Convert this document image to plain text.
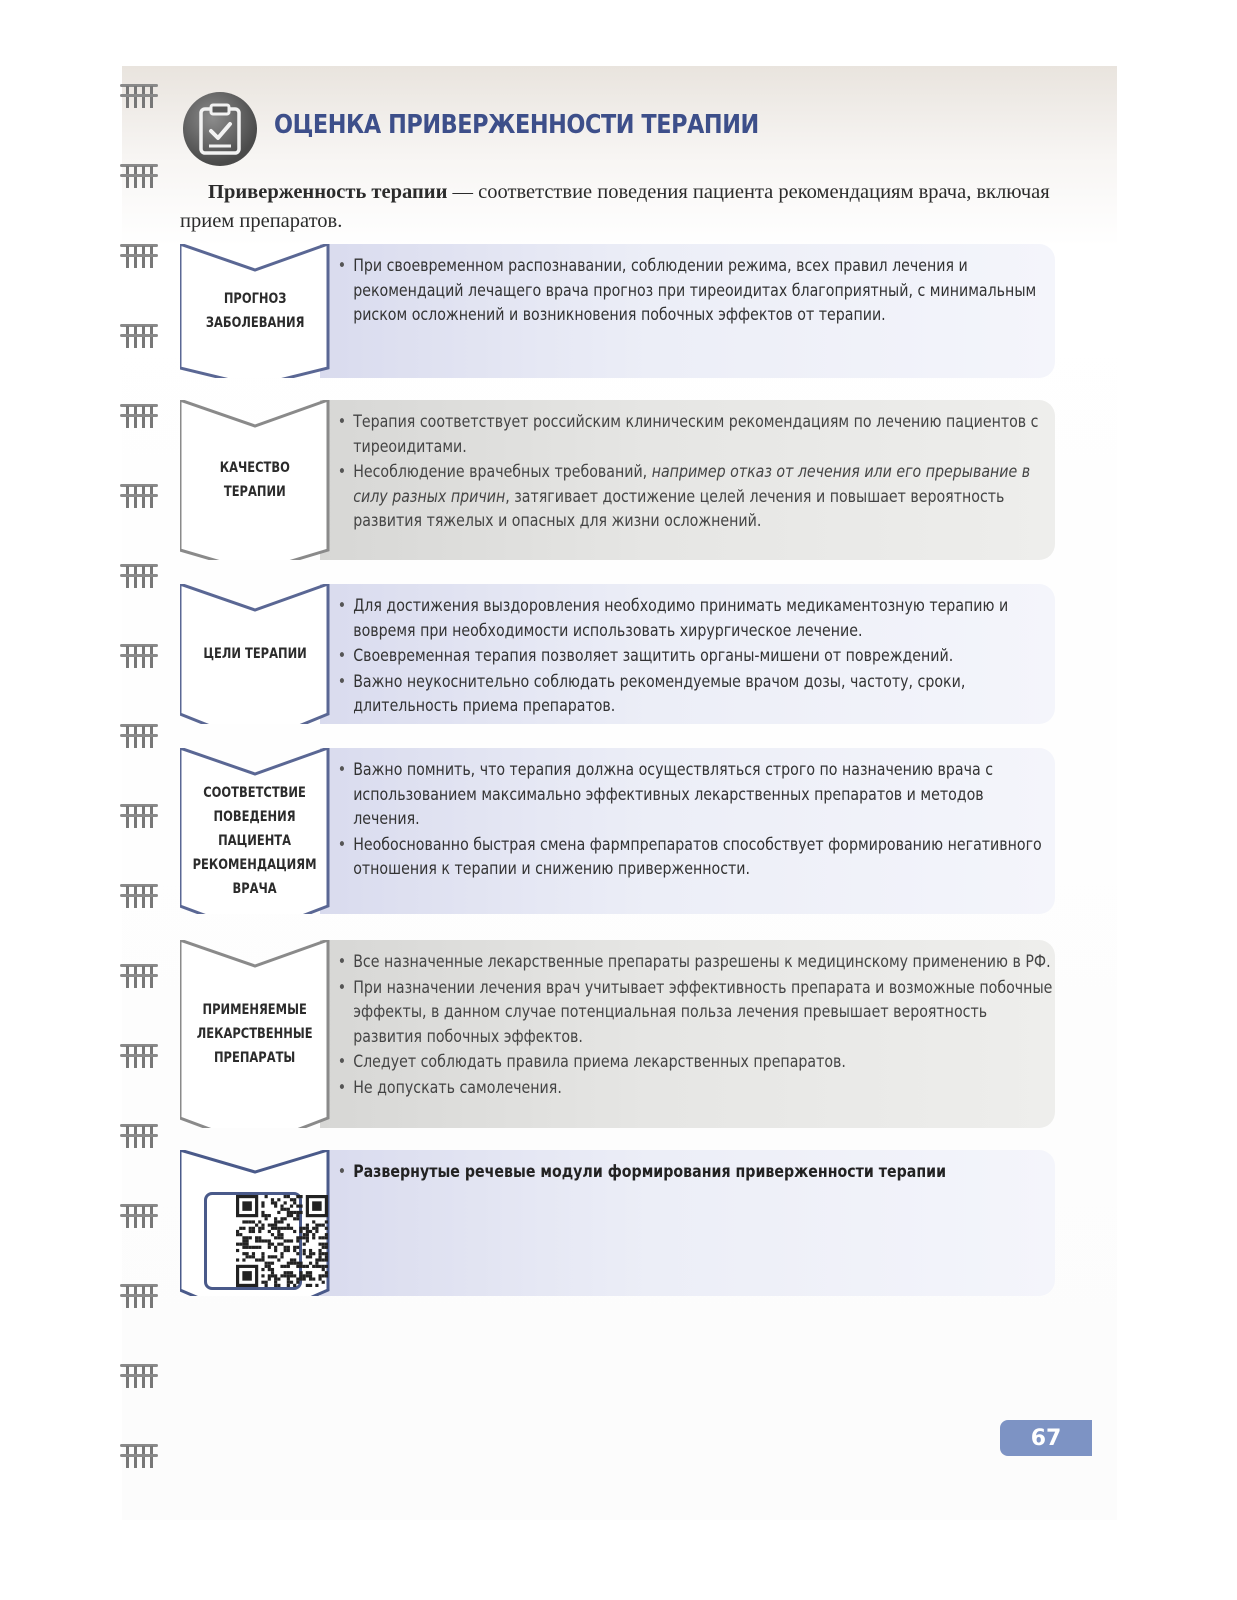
ОЦЕНКА ПРИВЕРЖЕННОСТИ ТЕРАПИИ

Приверженность терапии — соответствие поведения пациента рекомендациям врача, включая прием препаратов.

• При своевременном распознавании, соблюдении режима, всех правил лечения и рекомендаций лечащего врача прогноз при тиреоидитах благоприятный, с минимальным риском осложнений и возникновения побочных эффектов от терапии.
ПРОГНОЗ
ЗАБОЛЕВАНИЯ
• Терапия соответствует российским клиническим рекомендациям по лечению пациентов с тиреоидитами.
• Несоблюдение врачебных требований, например отказ от лечения или его прерывание в силу разных причин, затягивает достижение целей лечения и повышает вероятность развития тяжелых и опасных для жизни осложнений.
КАЧЕСТВО
ТЕРАПИИ
• Для достижения выздоровления необходимо принимать медикаментозную терапию и вовремя при необходимости использовать хирургическое лечение.
• Своевременная терапия позволяет защитить органы-мишени от повреждений.
• Важно неукоснительно соблюдать рекомендуемые врачом дозы, частоту, сроки, длительность приема препаратов.
ЦЕЛИ ТЕРАПИИ
• Важно помнить, что терапия должна осуществляться строго по назначению врача с использованием максимально эффективных лекарственных препаратов и методов лечения.
• Необоснованно быстрая смена фармпрепаратов способствует формированию негативного отношения к терапии и снижению приверженности.
СООТВЕТСТВИЕ
ПОВЕДЕНИЯ
ПАЦИЕНТА
РЕКОМЕНДАЦИЯМ
ВРАЧА
• Все назначенные лекарственные препараты разрешены к медицинскому применению в РФ.
• При назначении лечения врач учитывает эффективность препарата и возможные побочные эффекты, в данном случае потенциальная польза лечения превышает вероятность развития побочных эффектов.
• Следует соблюдать правила приема лекарственных препаратов.
• Не допускать самолечения.
ПРИМЕНЯЕМЫЕ
ЛЕКАРСТВЕННЫЕ
ПРЕПАРАТЫ
• Развернутые речевые модули формирования приверженности терапии
67
